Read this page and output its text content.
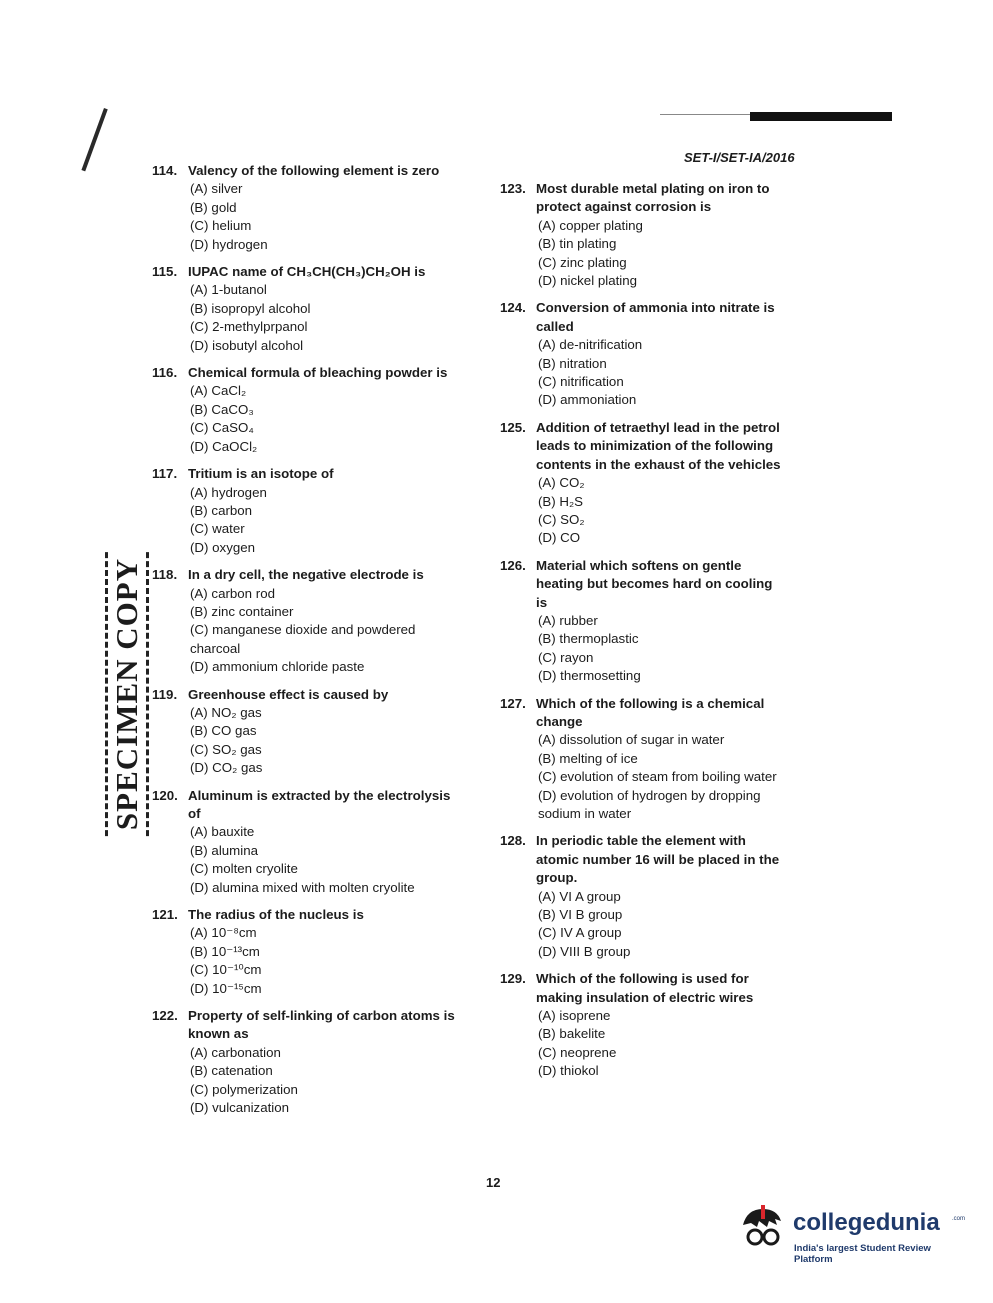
SET-I/SET-IA/2016
114. Valency of the following element is zero
(A) silver
(B) gold
(C) helium
(D) hydrogen
115. IUPAC name of CH₃CH(CH₃)CH₂OH is
(A) 1-butanol
(B) isopropyl alcohol
(C) 2-methylprpanol
(D) isobutyl alcohol
116. Chemical formula of bleaching powder is
(A) CaCl₂
(B) CaCO₃
(C) CaSO₄
(D) CaOCl₂
117. Tritium is an isotope of
(A) hydrogen
(B) carbon
(C) water
(D) oxygen
118. In a dry cell, the negative electrode is
(A) carbon rod
(B) zinc container
(C) manganese dioxide and powdered charcoal
(D) ammonium chloride paste
119. Greenhouse effect is caused by
(A) NO₂ gas
(B) CO gas
(C) SO₂ gas
(D) CO₂ gas
120. Aluminum is extracted by the electrolysis of
(A) bauxite
(B) alumina
(C) molten cryolite
(D) alumina mixed with molten cryolite
121. The radius of the nucleus is
(A) 10⁻⁸cm
(B) 10⁻¹³cm
(C) 10⁻¹⁰cm
(D) 10⁻¹⁵cm
122. Property of self-linking of carbon atoms is known as
(A) carbonation
(B) catenation
(C) polymerization
(D) vulcanization
123. Most durable metal plating on iron to protect against corrosion is
(A) copper plating
(B) tin plating
(C) zinc plating
(D) nickel plating
124. Conversion of ammonia into nitrate is called
(A) de-nitrification
(B) nitration
(C) nitrification
(D) ammoniation
125. Addition of tetraethyl lead in the petrol leads to minimization of the following contents in the exhaust of the vehicles
(A) CO₂
(B) H₂S
(C) SO₂
(D) CO
126. Material which softens on gentle heating but becomes hard on cooling is
(A) rubber
(B) thermoplastic
(C) rayon
(D) thermosetting
127. Which of the following is a chemical change
(A) dissolution of sugar in water
(B) melting of ice
(C) evolution of steam from boiling water
(D) evolution of hydrogen by dropping sodium in water
128. In periodic table the element with atomic number 16 will be placed in the group.
(A) VI A group
(B) VI B group
(C) IV A group
(D) VIII B group
129. Which of the following is used for making insulation of electric wires
(A) isoprene
(B) bakelite
(C) neoprene
(D) thiokol
SPECIMEN COPY
12
collegedunia .com
India's largest Student Review Platform
